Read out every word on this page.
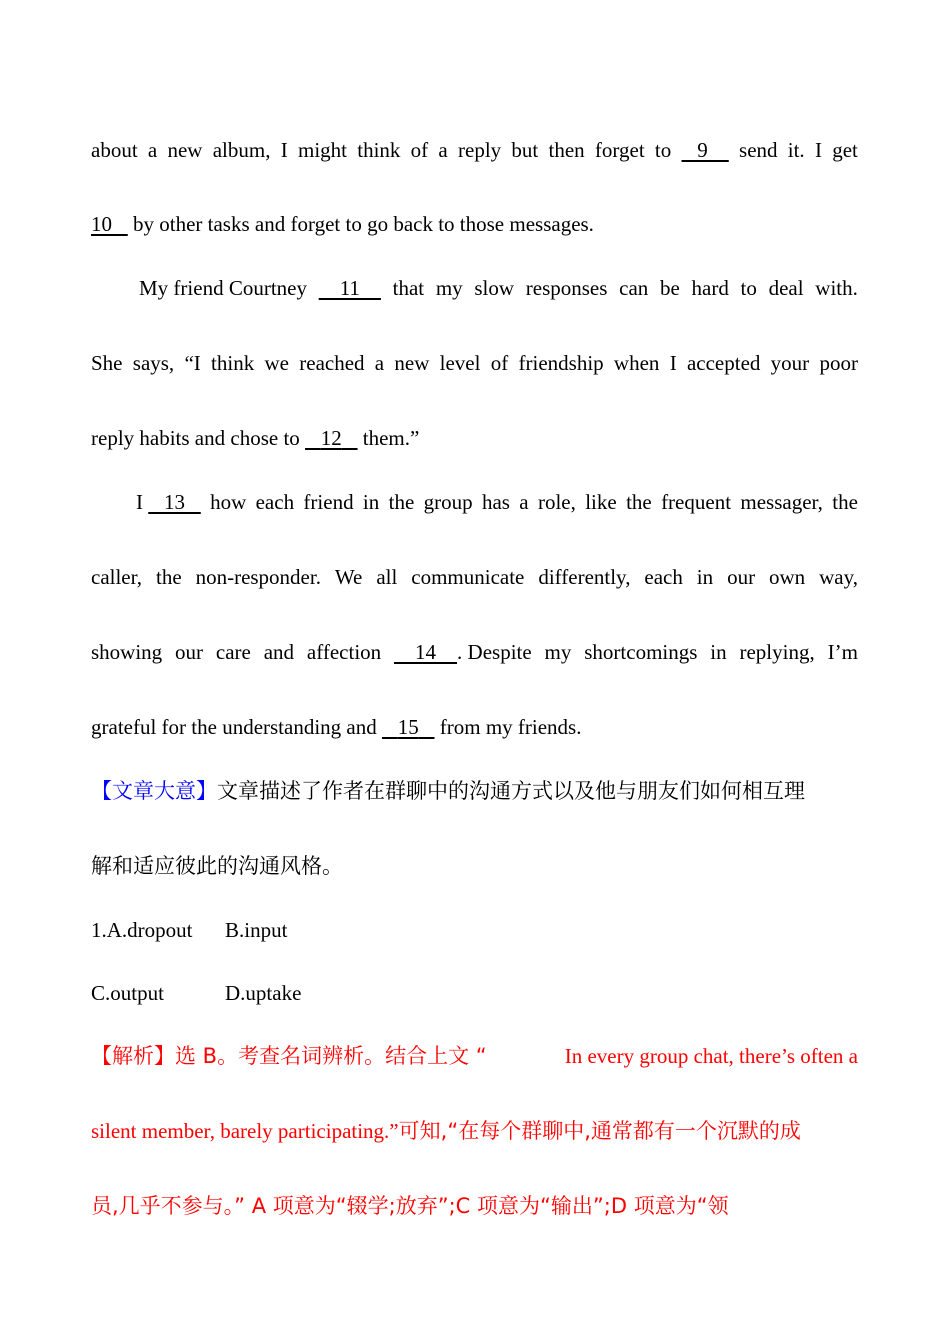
about a new album, I might think of a reply but then forget to 9 send it. I get
10    by other tasks and forget to go back to those messages.
My friend Courtney 11 that my slow responses can be hard to deal with.
She says, “I think we reached a new level of friendship when I accepted your poor
reply habits and chose to    12    them.”
I    13 how each friend in the group has a role, like the frequent messager, the
caller, the non-responder. We all communicate differently, each in our own way,
showing our care and affection 14    . Despite my shortcomings in replying, I’m
grateful for the understanding and    15    from my friends.
【文章大意】文章描述了作者在群聊中的沟通方式以及他与朋友们如何相互理
解和适应彼此的沟通风格。
1.A.dropout B.input
C.output	D.uptake
【解析】选 B。考查名词辨析。结合上文 “	In every group chat, there’s often a
silent member, barely participating.”可知,“在每个群聊中,通常都有一个沉默的成
员,几乎不参与。” A 项意为“辍学;放弃”;C 项意为“输出”;D 项意为“领
